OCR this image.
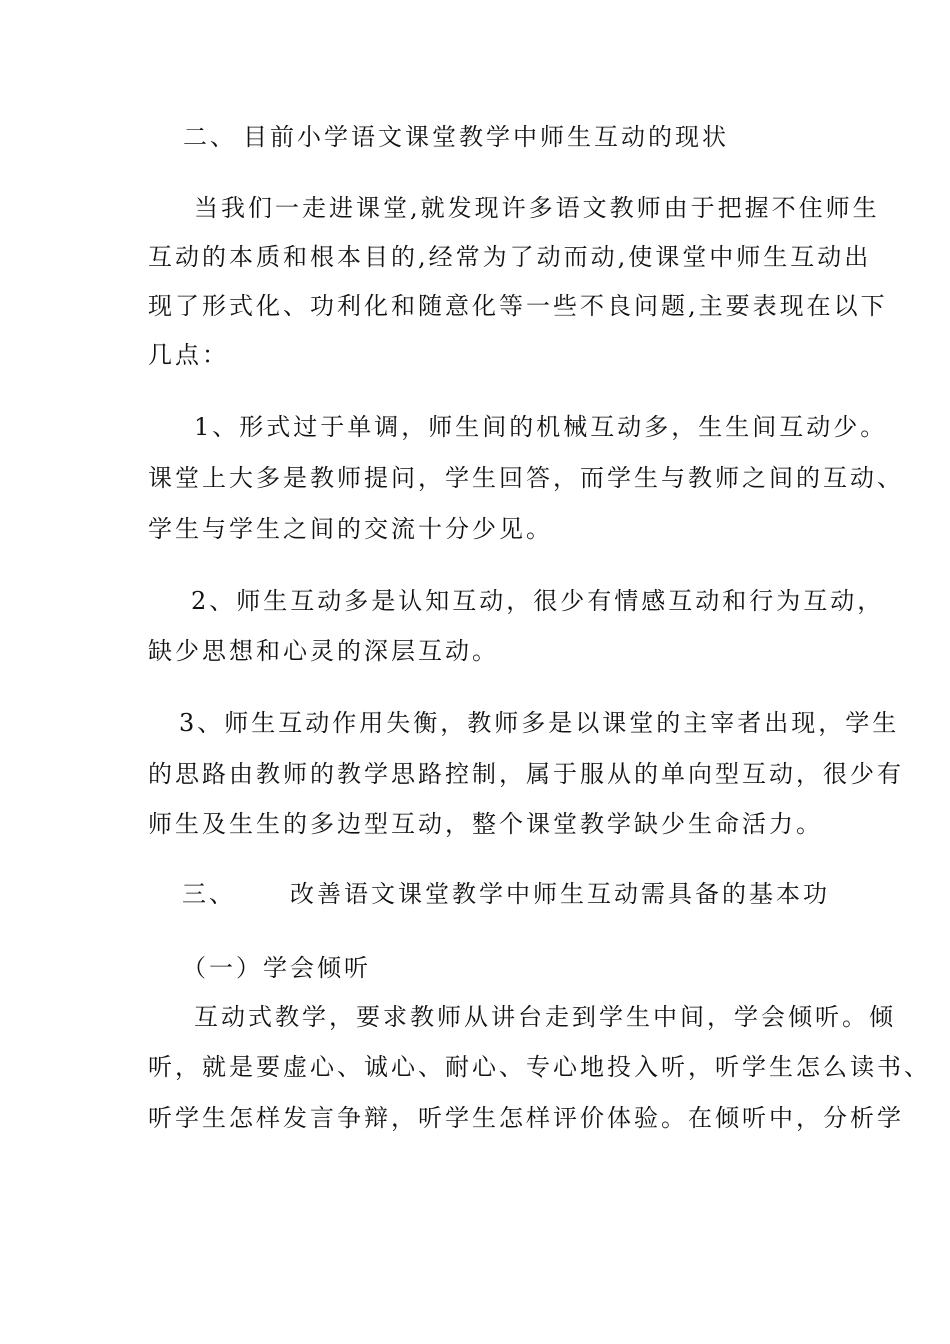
二、 目前小学语文课堂教学中师生互动的现状
当我们一走进课堂,就发现许多语文教师由于把握不住师生
互动的本质和根本目的,经常为了动而动,使课堂中师生互动出
现了形式化、功利化和随意化等一些不良问题,主要表现在以下
几点：
1、形式过于单调，师生间的机械互动多，生生间互动少。
课堂上大多是教师提问，学生回答，而学生与教师之间的互动、
学生与学生之间的交流十分少见。
2、师生互动多是认知互动，很少有情感互动和行为互动，
缺少思想和心灵的深层互动。
3、师生互动作用失衡，教师多是以课堂的主宰者出现，学生
的思路由教师的教学思路控制，属于服从的单向型互动，很少有
师生及生生的多边型互动，整个课堂教学缺少生命活力。
三、 改善语文课堂教学中师生互动需具备的基本功
（一）学会倾听
互动式教学，要求教师从讲台走到学生中间，学会倾听。倾
听，就是要虚心、诚心、耐心、专心地投入听，听学生怎么读书、
听学生怎样发言争辩，听学生怎样评价体验。在倾听中，分析学
